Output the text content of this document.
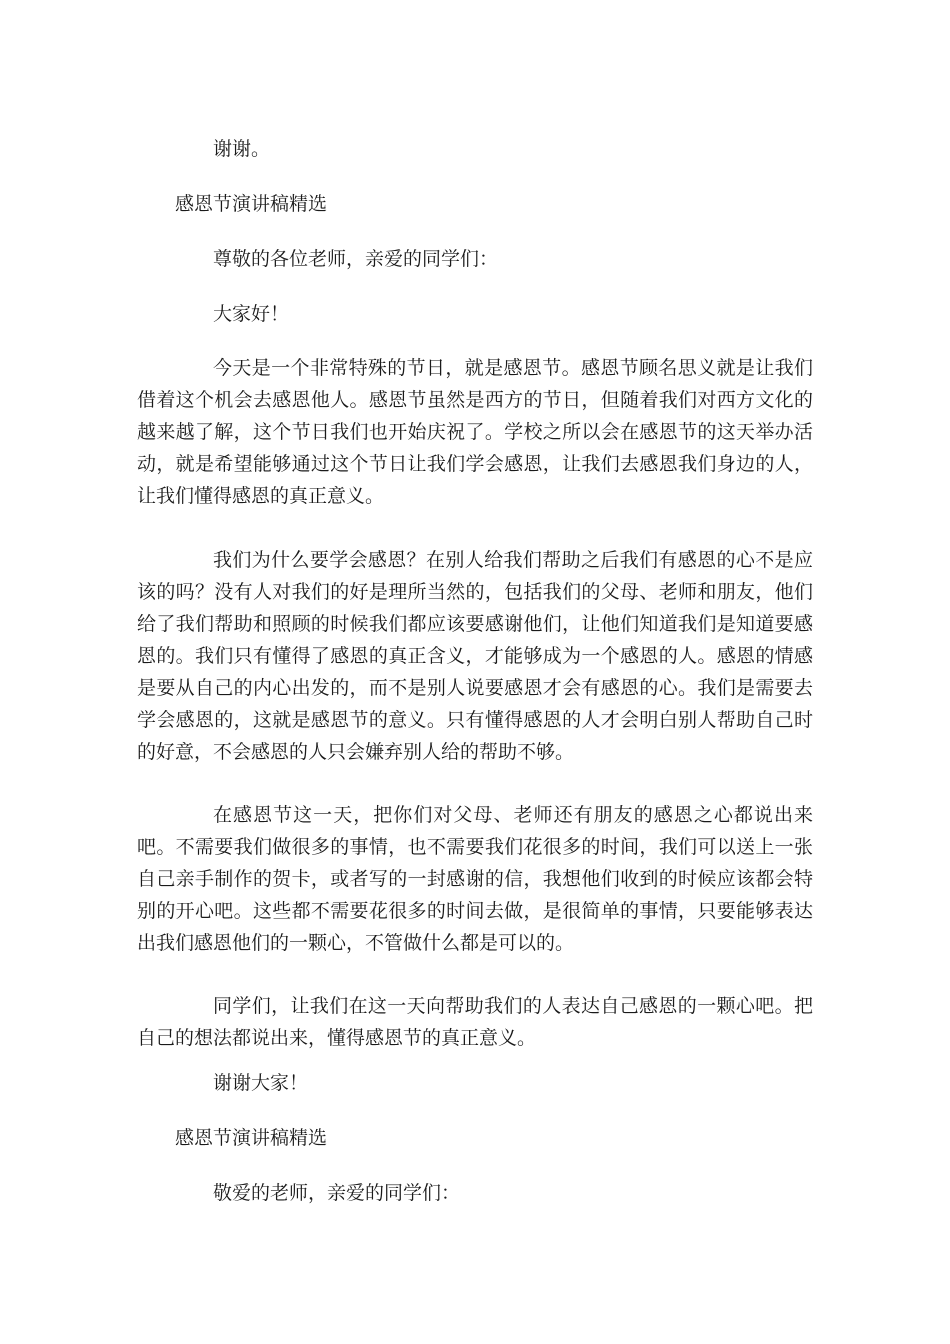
谢谢。
感恩节演讲稿精选
尊敬的各位老师，亲爱的同学们：
大家好！
今天是一个非常特殊的节日，就是感恩节。感恩节顾名思义就是让我们借着这个机会去感恩他人。感恩节虽然是西方的节日，但随着我们对西方文化的越来越了解，这个节日我们也开始庆祝了。学校之所以会在感恩节的这天举办活动，就是希望能够通过这个节日让我们学会感恩，让我们去感恩我们身边的人，让我们懂得感恩的真正意义。
我们为什么要学会感恩？在别人给我们帮助之后我们有感恩的心不是应该的吗？没有人对我们的好是理所当然的，包括我们的父母、老师和朋友，他们给了我们帮助和照顾的时候我们都应该要感谢他们，让他们知道我们是知道要感恩的。我们只有懂得了感恩的真正含义，才能够成为一个感恩的人。感恩的情感是要从自己的内心出发的，而不是别人说要感恩才会有感恩的心。我们是需要去学会感恩的，这就是感恩节的意义。只有懂得感恩的人才会明白别人帮助自己时的好意，不会感恩的人只会嫌弃别人给的帮助不够。
在感恩节这一天，把你们对父母、老师还有朋友的感恩之心都说出来吧。不需要我们做很多的事情，也不需要我们花很多的时间，我们可以送上一张自己亲手制作的贺卡，或者写的一封感谢的信，我想他们收到的时候应该都会特别的开心吧。这些都不需要花很多的时间去做，是很简单的事情，只要能够表达出我们感恩他们的一颗心，不管做什么都是可以的。
同学们，让我们在这一天向帮助我们的人表达自己感恩的一颗心吧。把自己的想法都说出来，懂得感恩节的真正意义。
谢谢大家！
感恩节演讲稿精选
敬爱的老师，亲爱的同学们：
